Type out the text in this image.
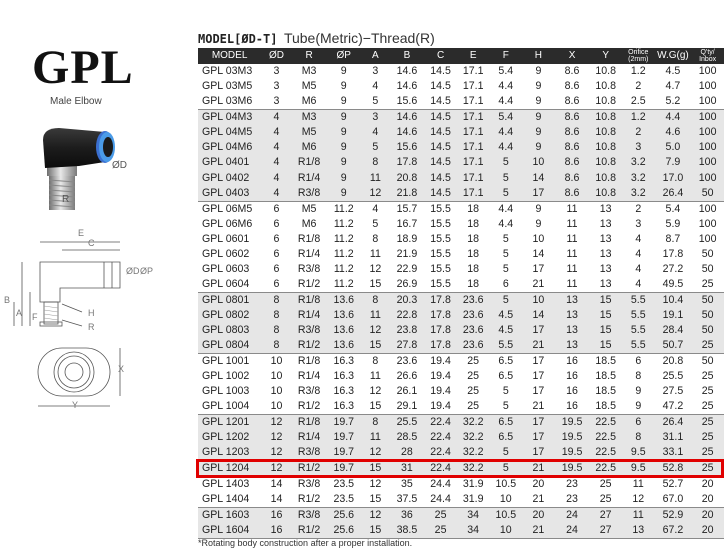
GPL
Male Elbow
ØD
R
E
C
ØD ØP
B
A F	H
R
X
Y
MODEL[ØD-T] Tube(Metric)−Thread(R)
MODEL	ØD	R	ØP	A	B	C	E	F	H	X	Y	Orifice (2mm)	W.G(g)	Q'ty/ Inbox
GPL 03M3	3	M3	9	3	14.6	14.5	17.1	5.4	9	8.6	10.8	1.2	4.5	100
GPL 03M5	3	M5	9	4	14.6	14.5	17.1	4.4	9	8.6	10.8	2	4.7	100
GPL 03M6	3	M6	9	5	15.6	14.5	17.1	4.4	9	8.6	10.8	2.5	5.2	100
GPL 04M3	4	M3	9	3	14.6	14.5	17.1	5.4	9	8.6	10.8	1.2	4.4	100
GPL 04M5	4	M5	9	4	14.6	14.5	17.1	4.4	9	8.6	10.8	2	4.6	100
GPL 04M6	4	M6	9	5	15.6	14.5	17.1	4.4	9	8.6	10.8	3	5.0	100
GPL 0401	4	R1/8	9	8	17.8	14.5	17.1	5	10	8.6	10.8	3.2	7.9	100
GPL 0402	4	R1/4	9	11	20.8	14.5	17.1	5	14	8.6	10.8	3.2	17.0	100
GPL 0403	4	R3/8	9	12	21.8	14.5	17.1	5	17	8.6	10.8	3.2	26.4	50
GPL 06M5	6	M5	11.2	4	15.7	15.5	18	4.4	9	11	13	2	5.4	100
GPL 06M6	6	M6	11.2	5	16.7	15.5	18	4.4	9	11	13	3	5.9	100
GPL 0601	6	R1/8	11.2	8	18.9	15.5	18	5	10	11	13	4	8.7	100
GPL 0602	6	R1/4	11.2	11	21.9	15.5	18	5	14	11	13	4	17.8	50
GPL 0603	6	R3/8	11.2	12	22.9	15.5	18	5	17	11	13	4	27.2	50
GPL 0604	6	R1/2	11.2	15	26.9	15.5	18	6	21	11	13	4	49.5	25
GPL 0801	8	R1/8	13.6	8	20.3	17.8	23.6	5	10	13	15	5.5	10.4	50
GPL 0802	8	R1/4	13.6	11	22.8	17.8	23.6	4.5	14	13	15	5.5	19.1	50
GPL 0803	8	R3/8	13.6	12	23.8	17.8	23.6	4.5	17	13	15	5.5	28.4	50
GPL 0804	8	R1/2	13.6	15	27.8	17.8	23.6	5.5	21	13	15	5.5	50.7	25
GPL 1001	10	R1/8	16.3	8	23.6	19.4	25	6.5	17	16	18.5	6	20.8	50
GPL 1002	10	R1/4	16.3	11	26.6	19.4	25	6.5	17	16	18.5	8	25.5	25
GPL 1003	10	R3/8	16.3	12	26.1	19.4	25	5	17	16	18.5	9	27.5	25
GPL 1004	10	R1/2	16.3	15	29.1	19.4	25	5	21	16	18.5	9	47.2	25
GPL 1201	12	R1/8	19.7	8	25.5	22.4	32.2	6.5	17	19.5	22.5	6	26.4	25
GPL 1202	12	R1/4	19.7	11	28.5	22.4	32.2	6.5	17	19.5	22.5	8	31.1	25
GPL 1203	12	R3/8	19.7	12	28	22.4	32.2	5	17	19.5	22.5	9.5	33.1	25
GPL 1204	12	R1/2	19.7	15	31	22.4	32.2	5	21	19.5	22.5	9.5	52.8	25
GPL 1403	14	R3/8	23.5	12	35	24.4	31.9	10.5	20	23	25	11	52.7	20
GPL 1404	14	R1/2	23.5	15	37.5	24.4	31.9	10	21	23	25	12	67.0	20
GPL 1603	16	R3/8	25.6	12	36	25	34	10.5	20	24	27	11	52.9	20
GPL 1604	16	R1/2	25.6	15	38.5	25	34	10	21	24	27	13	67.2	20
*Rotating body construction after a proper installation.
